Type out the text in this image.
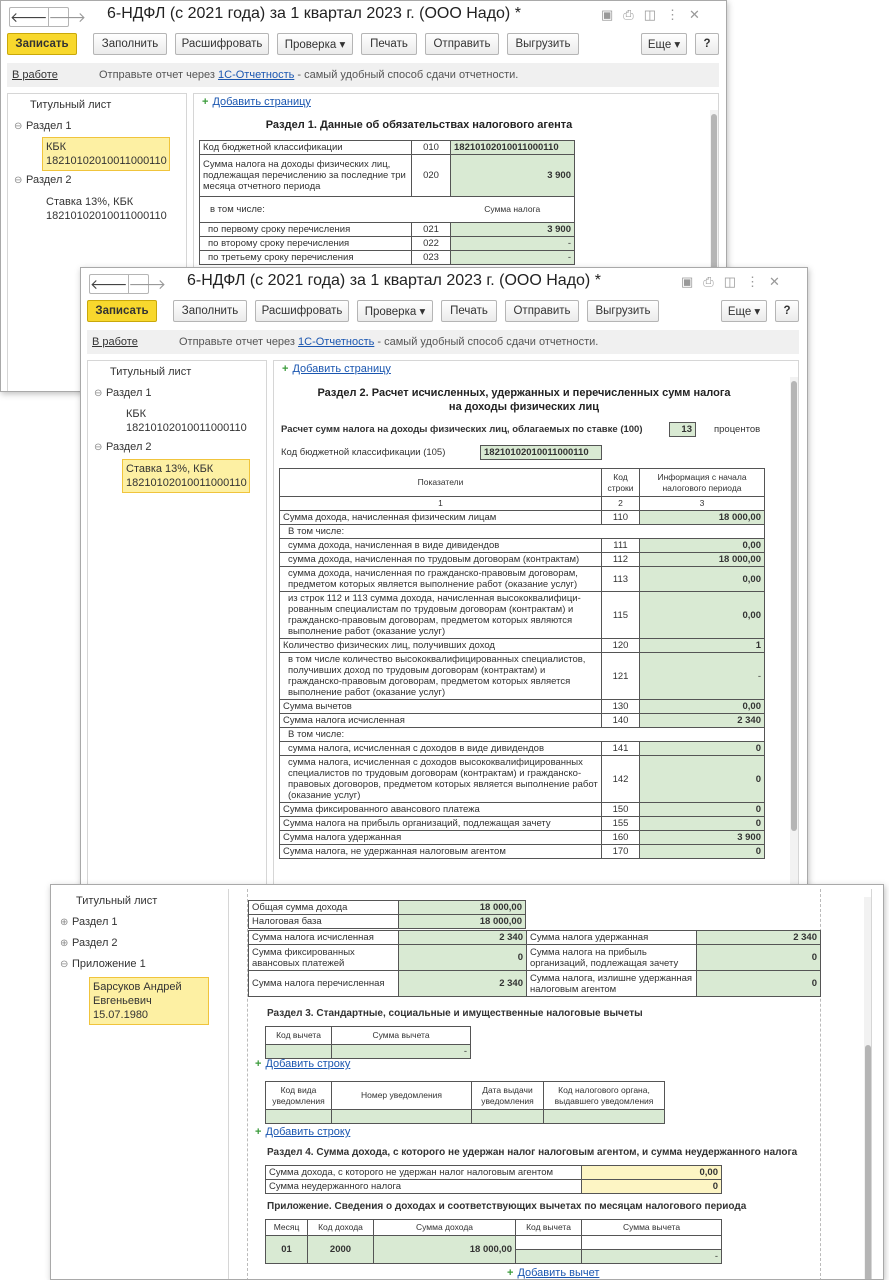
🡐 🡒 6-НДФЛ (с 2021 года) за 1 квартал 2023 г. (ООО Надо) *	▣ ⎙ ◫ ⋮ ✕
Записать	Заполнить	Расшифровать	Проверка ▾	Печать	Отправить	Выгрузить	Еще ▾	?
В работе	Отправьте отчет через 1С-Отчетность - самый удобный способ сдачи отчетности.
Титульный лист
⊖ Раздел 1
КБК
18210102010011000110
⊖ Раздел 2
Ставка 13%, КБК
18210102010011000110
+ Добавить страницу
Раздел 1. Данные об обязательствах налогового агента
Код бюджетной классификации	010	18210102010011000110
Сумма налога на доходы физических лиц, подлежащая перечислению за последние три месяца отчетного периода	020	3 900
в том числе:		Сумма налога
по первому сроку перечисления	021	3 900
по второму сроку перечисления	022	-
по третьему сроку перечисления	023	-
🡐 🡒 6-НДФЛ (с 2021 года) за 1 квартал 2023 г. (ООО Надо) *	▣ ⎙ ◫ ⋮ ✕
Записать	Заполнить	Расшифровать	Проверка ▾	Печать	Отправить	Выгрузить	Еще ▾	?
В работе	Отправьте отчет через 1С-Отчетность - самый удобный способ сдачи отчетности.
Титульный лист
⊖ Раздел 1
КБК
18210102010011000110
⊖ Раздел 2
Ставка 13%, КБК
18210102010011000110
+ Добавить страницу
Раздел 2. Расчет исчисленных, удержанных и перечисленных сумм налога
на доходы физических лиц
Расчет сумм налога на доходы физических лиц, облагаемых по ставке (100)	13	процентов
Код бюджетной классификации (105)	18210102010011000110
Показатели	Код строки	Информация с начала налогового периода
1	2	3
Сумма дохода, начисленная физическим лицам	110	18 000,00
В том числе:		
сумма дохода, начисленная в виде дивидендов	111	0,00
сумма дохода, начисленная по трудовым договорам (контрактам)	112	18 000,00
сумма дохода, начисленная по гражданско-правовым договорам, предметом которых является выполнение работ (оказание услуг)	113	0,00
из строк 112 и 113 сумма дохода, начисленная высококвалифици-рованным специалистам по трудовым договорам (контрактам) и гражданско-правовым договорам, предметом которых являются выполнение работ (оказание услуг)	115	0,00
Количество физических лиц, получивших доход	120	1
в том числе количество высококвалифицированных специалистов, получивших доход по трудовым договорам (контрактам) и гражданско-правовым договорам, предметом которых является выполнение работ (оказание услуг)	121	-
Сумма вычетов	130	0,00
Сумма налога исчисленная	140	2 340
В том числе:		
сумма налога, исчисленная с доходов в виде дивидендов	141	0
сумма налога, исчисленная с доходов высококвалифицированных специалистов по трудовым договорам (контрактам) и гражданско-правовых договоров, предметом которых является выполнение работ (оказание услуг)	142	0
Сумма фиксированного авансового платежа	150	0
Сумма налога на прибыль организаций, подлежащая зачету	155	0
Сумма налога удержанная	160	3 900
Сумма налога, не удержанная налоговым агентом	170	0
Титульный лист
⊕ Раздел 1
⊕ Раздел 2
⊖ Приложение 1
Барсуков Андрей
Евгеньевич 15.07.1980
Общая сумма дохода	18 000,00
Налоговая база	18 000,00
Сумма налога исчисленная	2 340	Сумма налога удержанная	2 340
Сумма фиксированных авансовых платежей	0	Сумма налога на прибыль организаций, подлежащая зачету	0
Сумма налога перечисленная	2 340	Сумма налога, излишне удержанная налоговым агентом	0
Раздел 3. Стандартные, социальные и имущественные налоговые вычеты
Код вычета	Сумма вычета
	-
+ Добавить строку
Код вида уведомления	Номер уведомления	Дата выдачи уведомления	Код налогового органа, выдавшего уведомления

+ Добавить строку
Раздел 4. Сумма дохода, с которого не удержан налог налоговым агентом, и сумма неудержанного налога
Сумма дохода, с которого не удержан налог налоговым агентом	0,00
Сумма неудержанного налога	0
Приложение. Сведения о доходах и соответствующих вычетах по месяцам налогового периода
Месяц	Код дохода	Сумма дохода	Код вычета	Сумма вычета
01	2000	18 000,00		
				-
+ Добавить вычет
